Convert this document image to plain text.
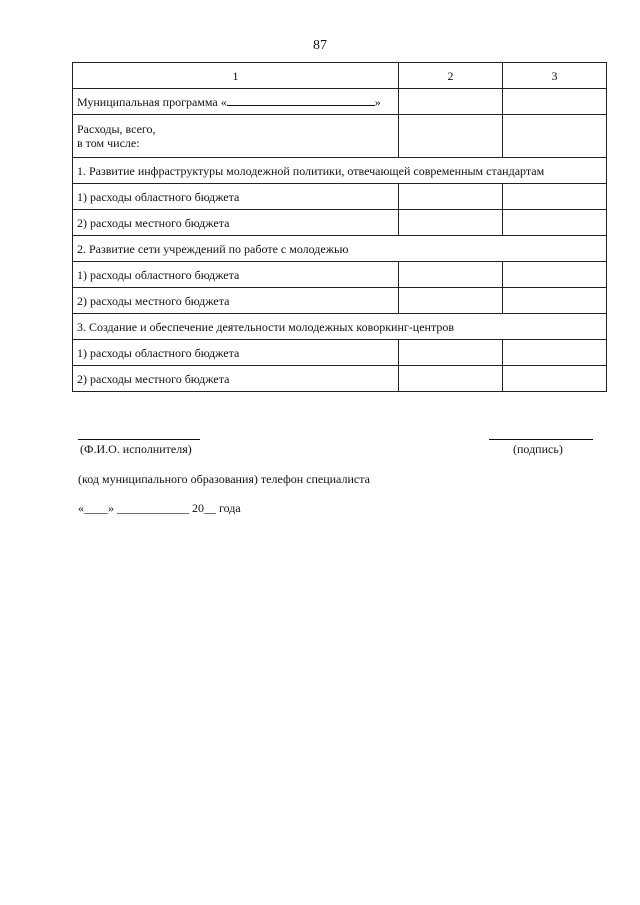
87
1	2	3
Муниципальная программа « »		

Расходы, всего,
в том числе:		

1. Развитие инфраструктуры молодежной политики, отвечающей современным стандартам		
1) расходы областного бюджета		
2) расходы местного бюджета		
2. Развитие сети учреждений по работе с молодежью		
1) расходы областного бюджета		
2) расходы местного бюджета		
3. Создание и обеспечение деятельности молодежных коворкинг-центров		
1) расходы областного бюджета		
2) расходы местного бюджета		
(Ф.И.О. исполнителя)	(подпись)
(код муниципального образования) телефон специалиста
«____» ____________ 20__ года
